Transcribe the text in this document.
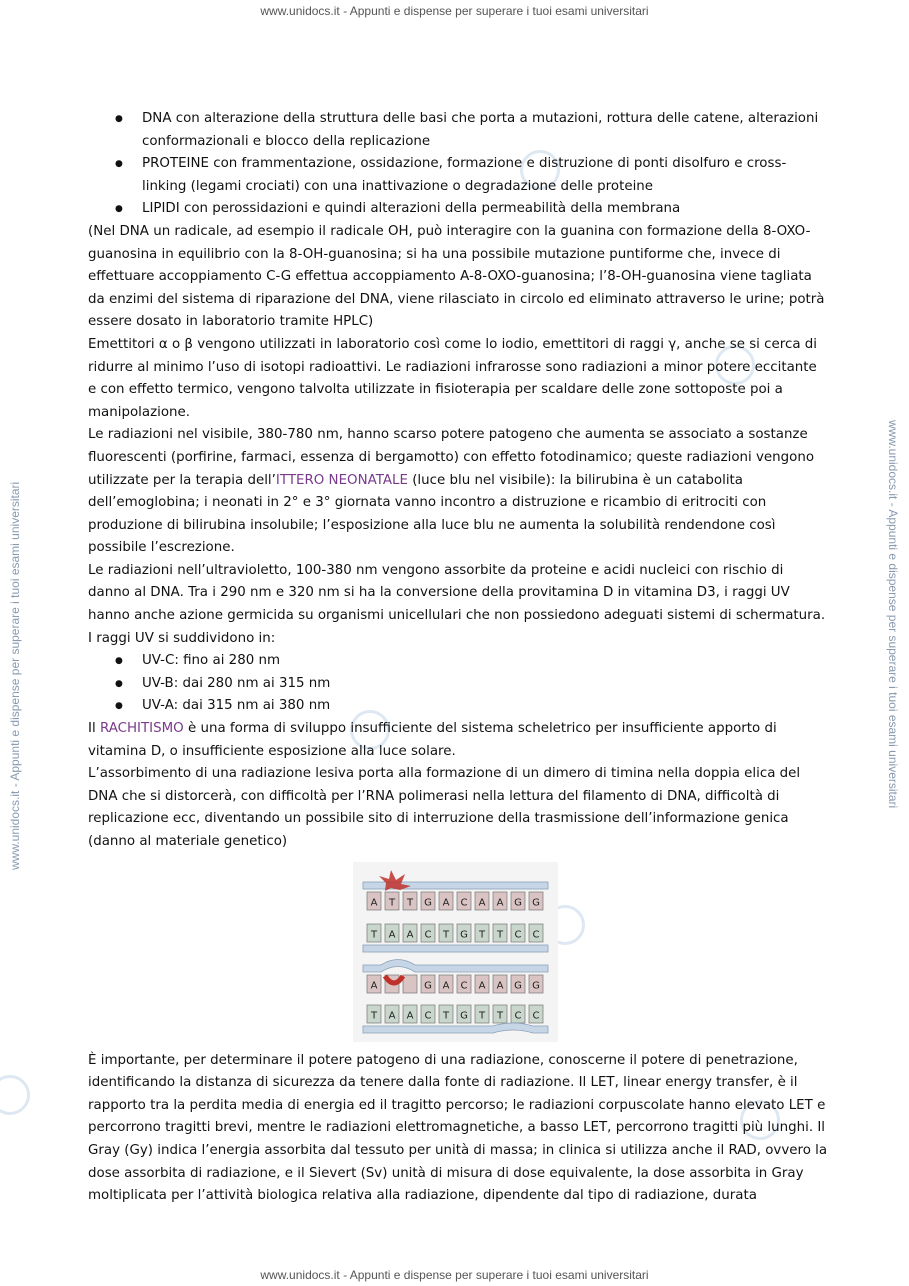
www.unidocs.it - Appunti e dispense per superare i tuoi esami universitari
www.unidocs.it - Appunti e dispense per superare i tuoi esami universitari	www.unidocs.it - Appunti e dispense per superare i tuoi esami universitari
● DNA con alterazione della struttura delle basi che porta a mutazioni, rottura delle catene, alterazioni conformazionali e blocco della replicazione
● PROTEINE con frammentazione, ossidazione, formazione e distruzione di ponti disolfuro e cross-linking (legami crociati) con una inattivazione o degradazione delle proteine
● LIPIDI con perossidazioni e quindi alterazioni della permeabilità della membrana

(Nel DNA un radicale, ad esempio il radicale OH, può interagire con la guanina con formazione della 8-OXO-guanosina in equilibrio con la 8-OH-guanosina; si ha una possibile mutazione puntiforme che, invece di effettuare accoppiamento C-G effettua accoppiamento A-8-OXO-guanosina; l’8-OH-guanosina viene tagliata da enzimi del sistema di riparazione del DNA, viene rilasciato in circolo ed eliminato attraverso le urine; potrà essere dosato in laboratorio tramite HPLC)

Emettitori α o β vengono utilizzati in laboratorio così come lo iodio, emettitori di raggi γ, anche se si cerca di ridurre al minimo l’uso di isotopi radioattivi. Le radiazioni infrarosse sono radiazioni a minor potere eccitante e con effetto termico, vengono talvolta utilizzate in fisioterapia per scaldare delle zone sottoposte poi a manipolazione.

Le radiazioni nel visibile, 380-780 nm, hanno scarso potere patogeno che aumenta se associato a sostanze fluorescenti (porfirine, farmaci, essenza di bergamotto) con effetto fotodinamico; queste radiazioni vengono utilizzate per la terapia dell’ITTERO NEONATALE (luce blu nel visibile): la bilirubina è un catabolita dell’emoglobina; i neonati in 2° e 3° giornata vanno incontro a distruzione e ricambio di eritrociti con produzione di bilirubina insolubile; l’esposizione alla luce blu ne aumenta la solubilità rendendone così possibile l’escrezione.

Le radiazioni nell’ultravioletto, 100-380 nm vengono assorbite da proteine e acidi nucleici con rischio di danno al DNA. Tra i 290 nm e 320 nm si ha la conversione della provitamina D in vitamina D3, i raggi UV hanno anche azione germicida su organismi unicellulari che non possiedono adeguati sistemi di schermatura. I raggi UV si suddividono in:

● UV-C: fino ai 280 nm
● UV-B: dai 280 nm ai 315 nm
● UV-A: dai 315 nm ai 380 nm

Il RACHITISMO è una forma di sviluppo insufficiente del sistema scheletrico per insufficiente apporto di vitamina D, o insufficiente esposizione alla luce solare.

L’assorbimento di una radiazione lesiva porta alla formazione di un dimero di timina nella doppia elica del DNA che si distorcerà, con difficoltà per l’RNA polimerasi nella lettura del filamento di DNA, difficoltà di replicazione ecc, diventando un possibile sito di interruzione della trasmissione dell’informazione genica (danno al materiale genetico)

A T T G A C A A G G
T A A C T G T T C C
A	G A C A A G G
T A A C T G T T C C

È importante, per determinare il potere patogeno di una radiazione, conoscerne il potere di penetrazione, identificando la distanza di sicurezza da tenere dalla fonte di radiazione. Il LET, linear energy transfer, è il rapporto tra la perdita media di energia ed il tragitto percorso; le radiazioni corpuscolate hanno elevato LET e percorrono tragitti brevi, mentre le radiazioni elettromagnetiche, a basso LET, percorrono tragitti più lunghi. Il Gray (Gy) indica l’energia assorbita dal tessuto per unità di massa; in clinica si utilizza anche il RAD, ovvero la dose assorbita di radiazione, e il Sievert (Sv) unità di misura di dose equivalente, la dose assorbita in Gray moltiplicata per l’attività biologica relativa alla radiazione, dipendente dal tipo di radiazione, durata

www.unidocs.it - Appunti e dispense per superare i tuoi esami universitari
